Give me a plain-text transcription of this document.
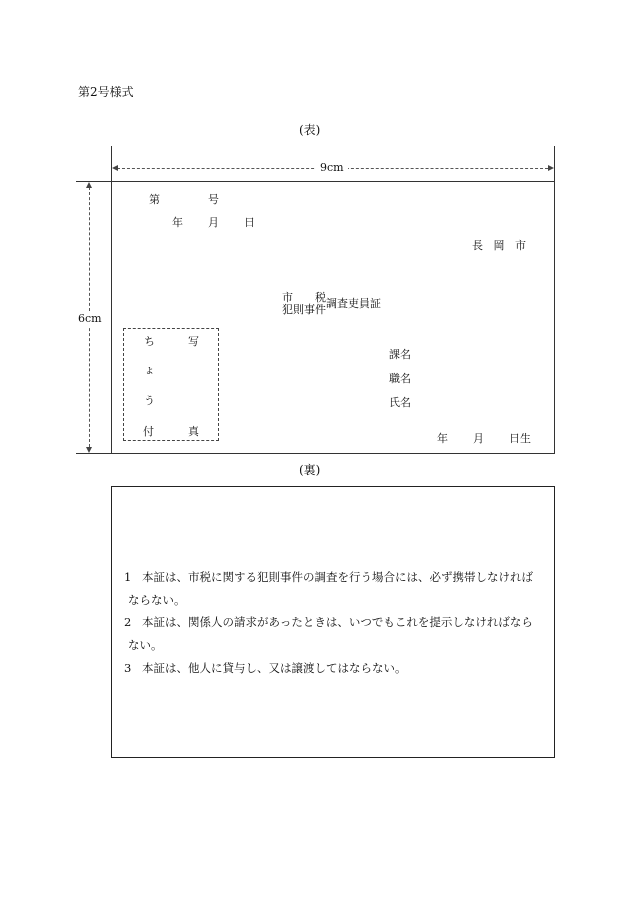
第2号様式
(表)
9cm
6cm
第	号
年 月 日
長 岡 市
市　　税
犯則事件 調査吏員証
ち	写
ょ
う
付	真
課名
職名
氏名
年 月 日生
(裏)
1 本証は、市税に関する犯則事件の調査を行う場合には、必ず携帯しなければ
ならない。
2 本証は、関係人の請求があったときは、いつでもこれを提示しなければなら
ない。
3 本証は、他人に貸与し、又は譲渡してはならない。
